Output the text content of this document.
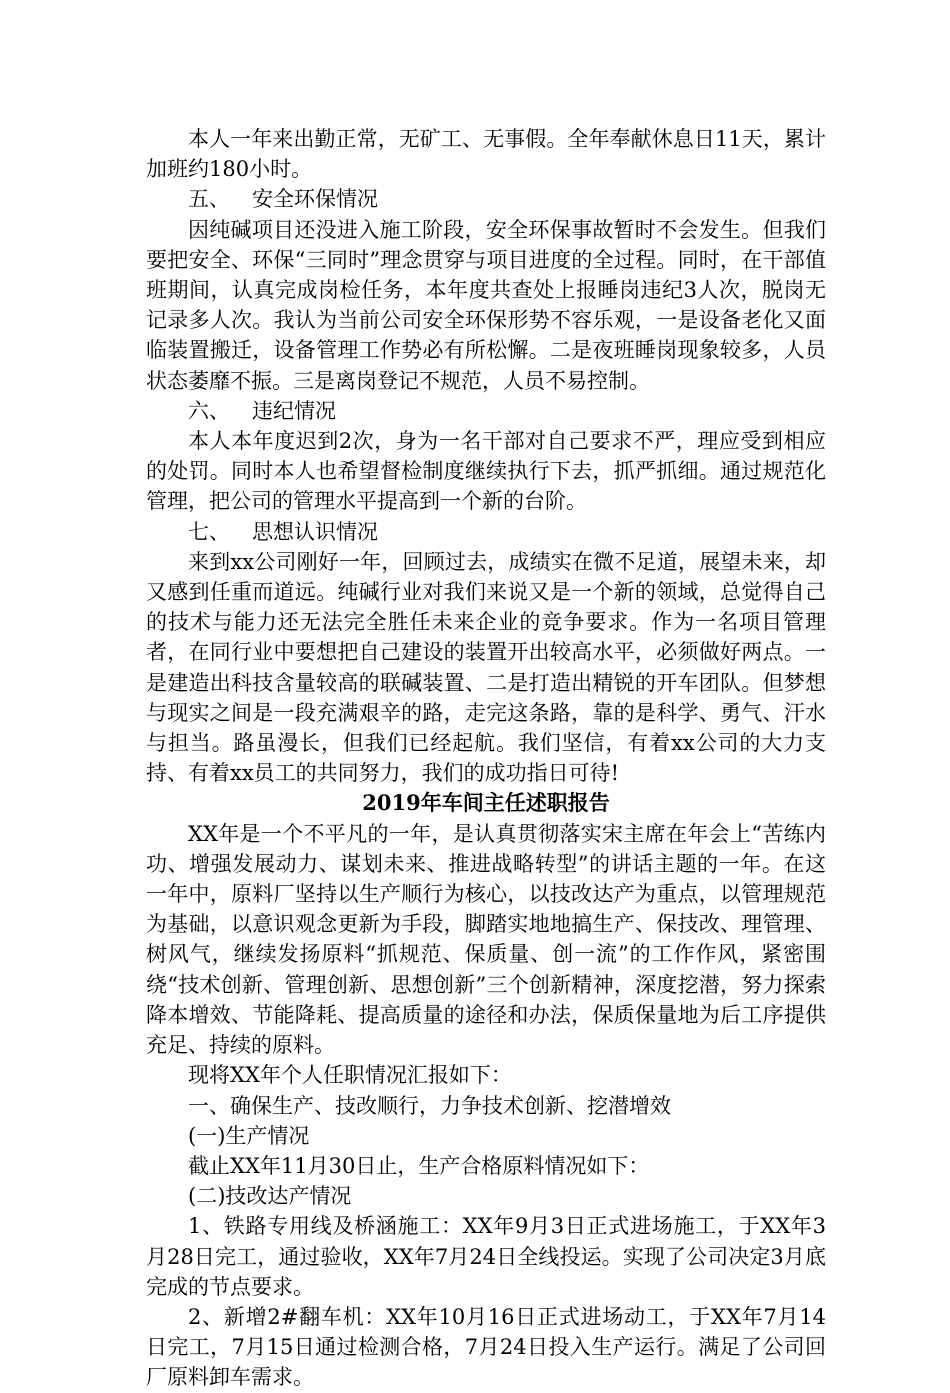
本人一年来出勤正常，无矿工、无事假。全年奉献休息日11天，累计加班约180小时。

五、 安全环保情况

因纯碱项目还没进入施工阶段，安全环保事故暂时不会发生。但我们要把安全、环保“三同时”理念贯穿与项目进度的全过程。同时，在干部值班期间，认真完成岗检任务，本年度共查处上报睡岗违纪3人次，脱岗无记录多人次。我认为当前公司安全环保形势不容乐观，一是设备老化又面临装置搬迁，设备管理工作势必有所松懈。二是夜班睡岗现象较多，人员状态萎靡不振。三是离岗登记不规范，人员不易控制。

六、 违纪情况

本人本年度迟到2次，身为一名干部对自己要求不严，理应受到相应的处罚。同时本人也希望督检制度继续执行下去，抓严抓细。通过规范化管理，把公司的管理水平提高到一个新的台阶。

七、 思想认识情况

来到xx公司刚好一年，回顾过去，成绩实在微不足道，展望未来，却又感到任重而道远。纯碱行业对我们来说又是一个新的领域，总觉得自己的技术与能力还无法完全胜任未来企业的竞争要求。作为一名项目管理者，在同行业中要想把自己建设的装置开出较高水平，必须做好两点。一是建造出科技含量较高的联碱装置、二是打造出精锐的开车团队。但梦想与现实之间是一段充满艰辛的路，走完这条路，靠的是科学、勇气、汗水与担当。路虽漫长，但我们已经起航。我们坚信，有着xx公司的大力支持、有着xx员工的共同努力，我们的成功指日可待!

2019年车间主任述职报告

XX年是一个不平凡的一年，是认真贯彻落实宋主席在年会上“苦练内功、增强发展动力、谋划未来、推进战略转型”的讲话主题的一年。在这一年中，原料厂坚持以生产顺行为核心，以技改达产为重点，以管理规范为基础，以意识观念更新为手段，脚踏实地地搞生产、保技改、理管理、树风气，继续发扬原料“抓规范、保质量、创一流”的工作作风，紧密围绕“技术创新、管理创新、思想创新”三个创新精神，深度挖潜，努力探索降本增效、节能降耗、提高质量的途径和办法，保质保量地为后工序提供充足、持续的原料。

现将XX年个人任职情况汇报如下：

一、确保生产、技改顺行，力争技术创新、挖潜增效

(一)生产情况

截止XX年11月30日止，生产合格原料情况如下：

(二)技改达产情况

1、铁路专用线及桥涵施工：XX年9月3日正式进场施工，于XX年3月28日完工，通过验收，XX年7月24日全线投运。实现了公司决定3月底完成的节点要求。

2、新增2#翻车机：XX年10月16日正式进场动工，于XX年7月14日完工，7月15日通过检测合格，7月24日投入生产运行。满足了公司回厂原料卸车需求。
